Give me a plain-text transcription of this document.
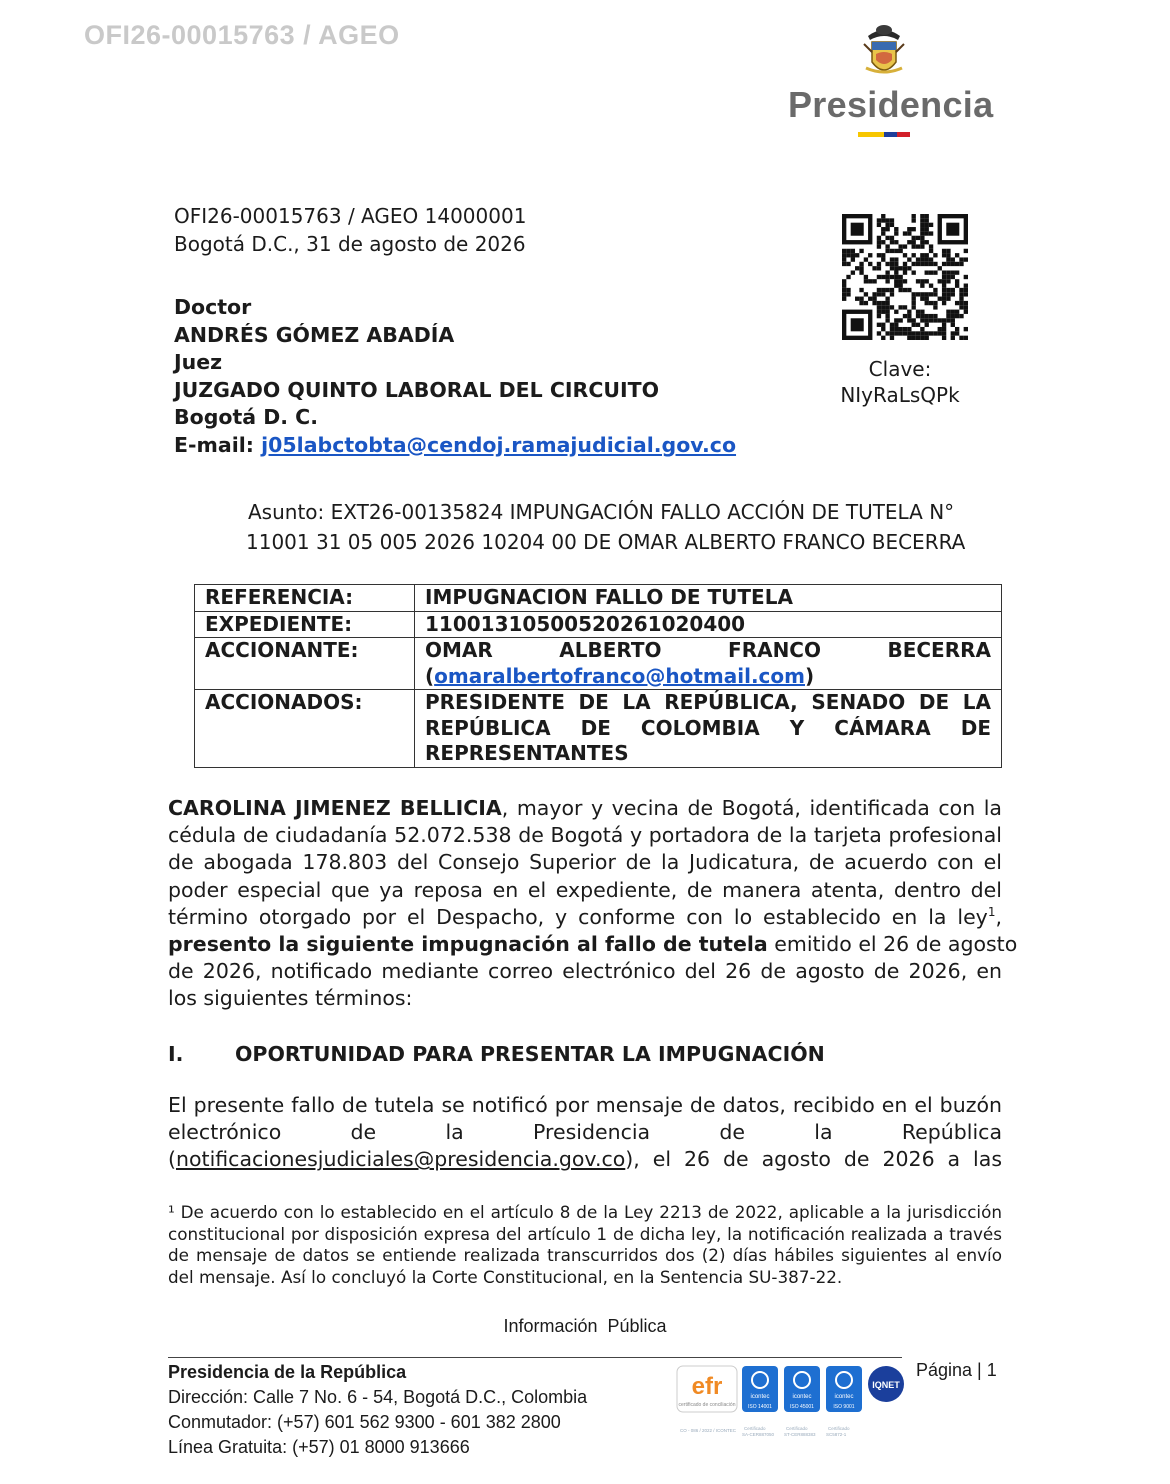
OFI26-00015763 / AGEO
Presidencia
OFI26-00015763 / AGEO 14000001
Bogotá D.C., 31 de agosto de 2026
Doctor
ANDRÉS GÓMEZ ABADÍA
Juez
JUZGADO QUINTO LABORAL DEL CIRCUITO
Bogotá D. C.
E-mail: j05labctobta@cendoj.ramajudicial.gov.co
Clave:
NIyRaLsQPk
Asunto: EXT26-00135824 IMPUNGACIÓN FALLO ACCIÓN DE TUTELA N°
11001 31 05 005 2026 10204 00 DE OMAR ALBERTO FRANCO BECERRA
REFERENCIA:	IMPUGNACION FALLO DE TUTELA
EXPEDIENTE:	11001310500520261020400
ACCIONANTE:	OMAR ALBERTO FRANCO BECERRA
(omaralbertofranco@hotmail.com)

ACCIONADOS:	PRESIDENTE DE LA REPÚBLICA, SENADO DE LA
REPÚBLICA DE COLOMBIA Y CÁMARA DE
REPRESENTANTES
CAROLINA JIMENEZ BELLICIA, mayor y vecina de Bogotá, identificada con la
cédula de ciudadanía 52.072.538 de Bogotá y portadora de la tarjeta profesional
de abogada 178.803 del Consejo Superior de la Judicatura, de acuerdo con el
poder especial que ya reposa en el expediente, de manera atenta, dentro del
término otorgado por el Despacho, y conforme con lo establecido en la ley$^1$,
presento la siguiente impugnación al fallo de tutela emitido el 26 de agosto
de 2026, notificado mediante correo electrónico del 26 de agosto de 2026, en
los siguientes términos:
I.	OPORTUNIDAD PARA PRESENTAR LA IMPUGNACIÓN
El presente fallo de tutela se notificó por mensaje de datos, recibido en el buzón
electrónico de la Presidencia de la República
(notificacionesjudiciales@presidencia.gov.co), el 26 de agosto de 2026 a las
¹ De acuerdo con lo establecido en el artículo 8 de la Ley 2213 de 2022, aplicable a la jurisdicción
constitucional por disposición expresa del artículo 1 de dicha ley, la notificación realizada a través
de mensaje de datos se entiende realizada transcurridos dos (2) días hábiles siguientes al envío
del mensaje. Así lo concluyó la Corte Constitucional, en la Sentencia SU-387-22.
Información  Pública
Presidencia de la República
Dirección: Calle 7 No. 6 - 54, Bogotá D.C., Colombia
Conmutador: (+57) 601 562 9300 - 601 382 2800
Línea Gratuita: (+57) 01 8000 913666
Página | 1
efr
certificado de conciliación
icontec
ISO 14001
icontec
ISO 45001
icontec
ISO 9001
IQNET
CO - 086 / 2022 / ICONTEC Certificado
SA-CER887050
Certificado
ST-CER888383
Certificado
SC5872-1
